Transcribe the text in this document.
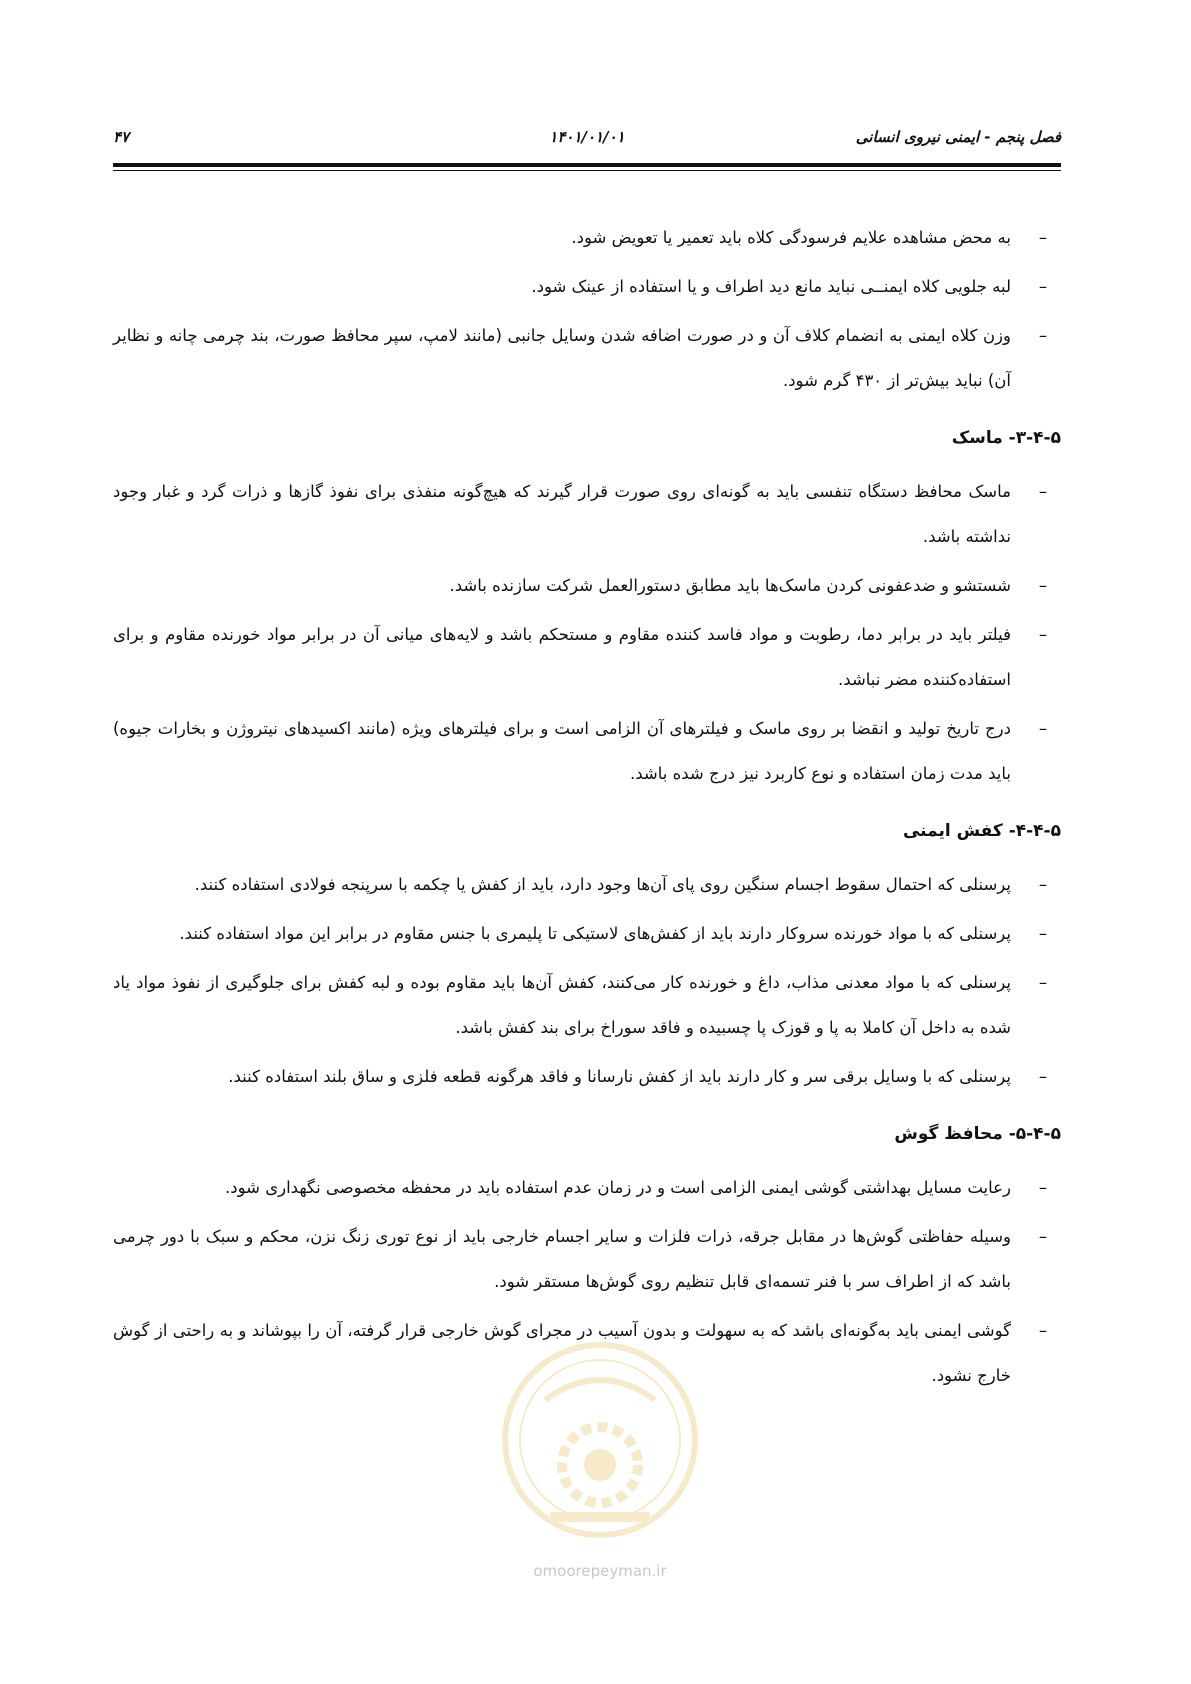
فصل پنجم - ایمنی نیروی انسانی
۱۴۰۱/۰۱/۰۱
۴۷
–
به محض مشاهده علایم فرسودگی کلاه باید تعمیر یا تعویض شود.
–
لبه جلویی کلاه ایمنــی نباید مانع دید اطراف و یا استفاده از عینک شود.
–
وزن کلاه ایمنی به انضمام کلاف آن و در صورت اضافه شدن وسایل جانبی (مانند لامپ، سپر محافظ صورت، بند چرمی چانه و نظایر آن) نباید بیش‌تر از ۴۳۰ گرم شود.
۳-۴-۵- ماسک
–
ماسک محافظ دستگاه تنفسی باید به گونه‌ای روی صورت قرار گیرند که هیچ‌گونه منفذی برای نفوذ گازها و ذرات گرد و غبار وجود نداشته باشد.
–
شستشو و ضدعفونی کردن ماسک‌ها باید مطابق دستورالعمل شرکت سازنده باشد.
–
فیلتر باید در برابر دما، رطوبت و مواد فاسد کننده مقاوم و مستحکم باشد و لایه‌های میانی آن در برابر مواد خورنده مقاوم و برای استفاده‌کننده مضر نباشد.
–
درج تاریخ تولید و انقضا بر روی ماسک و فیلترهای آن الزامی است و برای فیلترهای ویژه (مانند اکسیدهای نیتروژن و بخارات جیوه) باید مدت زمان استفاده و نوع کاربرد نیز درج شده باشد.
۴-۴-۵- کفش ایمنی
–
پرسنلی که احتمال سقوط اجسام سنگین روی پای آن‌ها وجود دارد، باید از کفش یا چکمه با سرپنجه فولادی استفاده کنند.
–
پرسنلی که با مواد خورنده سروکار دارند باید از کفش‌های لاستیکی تا پلیمری با جنس مقاوم در برابر این مواد استفاده کنند.
–
پرسنلی که با مواد معدنی مذاب، داغ و خورنده کار می‌کنند، کفش آن‌ها باید مقاوم بوده و لبه کفش برای جلوگیری از نفوذ مواد یاد شده به داخل آن کاملا به پا و قوزک پا چسبیده و فاقد سوراخ برای بند کفش باشد.
–
پرسنلی که با وسایل برقی سر و کار دارند باید از کفش نارسانا و فاقد هرگونه قطعه فلزی و ساق بلند استفاده کنند.
۵-۴-۵- محافظ گوش
–
رعایت مسایل بهداشتی گوشی ایمنی الزامی است و در زمان عدم استفاده باید در محفظه مخصوصی نگهداری شود.
–
وسیله حفاظتی گوش‌ها در مقابل جرقه، ذرات فلزات و سایر اجسام خارجی باید از نوع توری زنگ نزن، محکم و سبک با دور چرمی باشد که از اطراف سر با فنر تسمه‌ای قابل تنظیم روی گوش‌ها مستقر شود.
–
گوشی ایمنی باید به‌گونه‌ای باشد که به سهولت و بدون آسیب در مجرای گوش خارجی قرار گرفته، آن را بپوشاند و به راحتی از گوش خارج نشود.
omoorepeyman.ir
